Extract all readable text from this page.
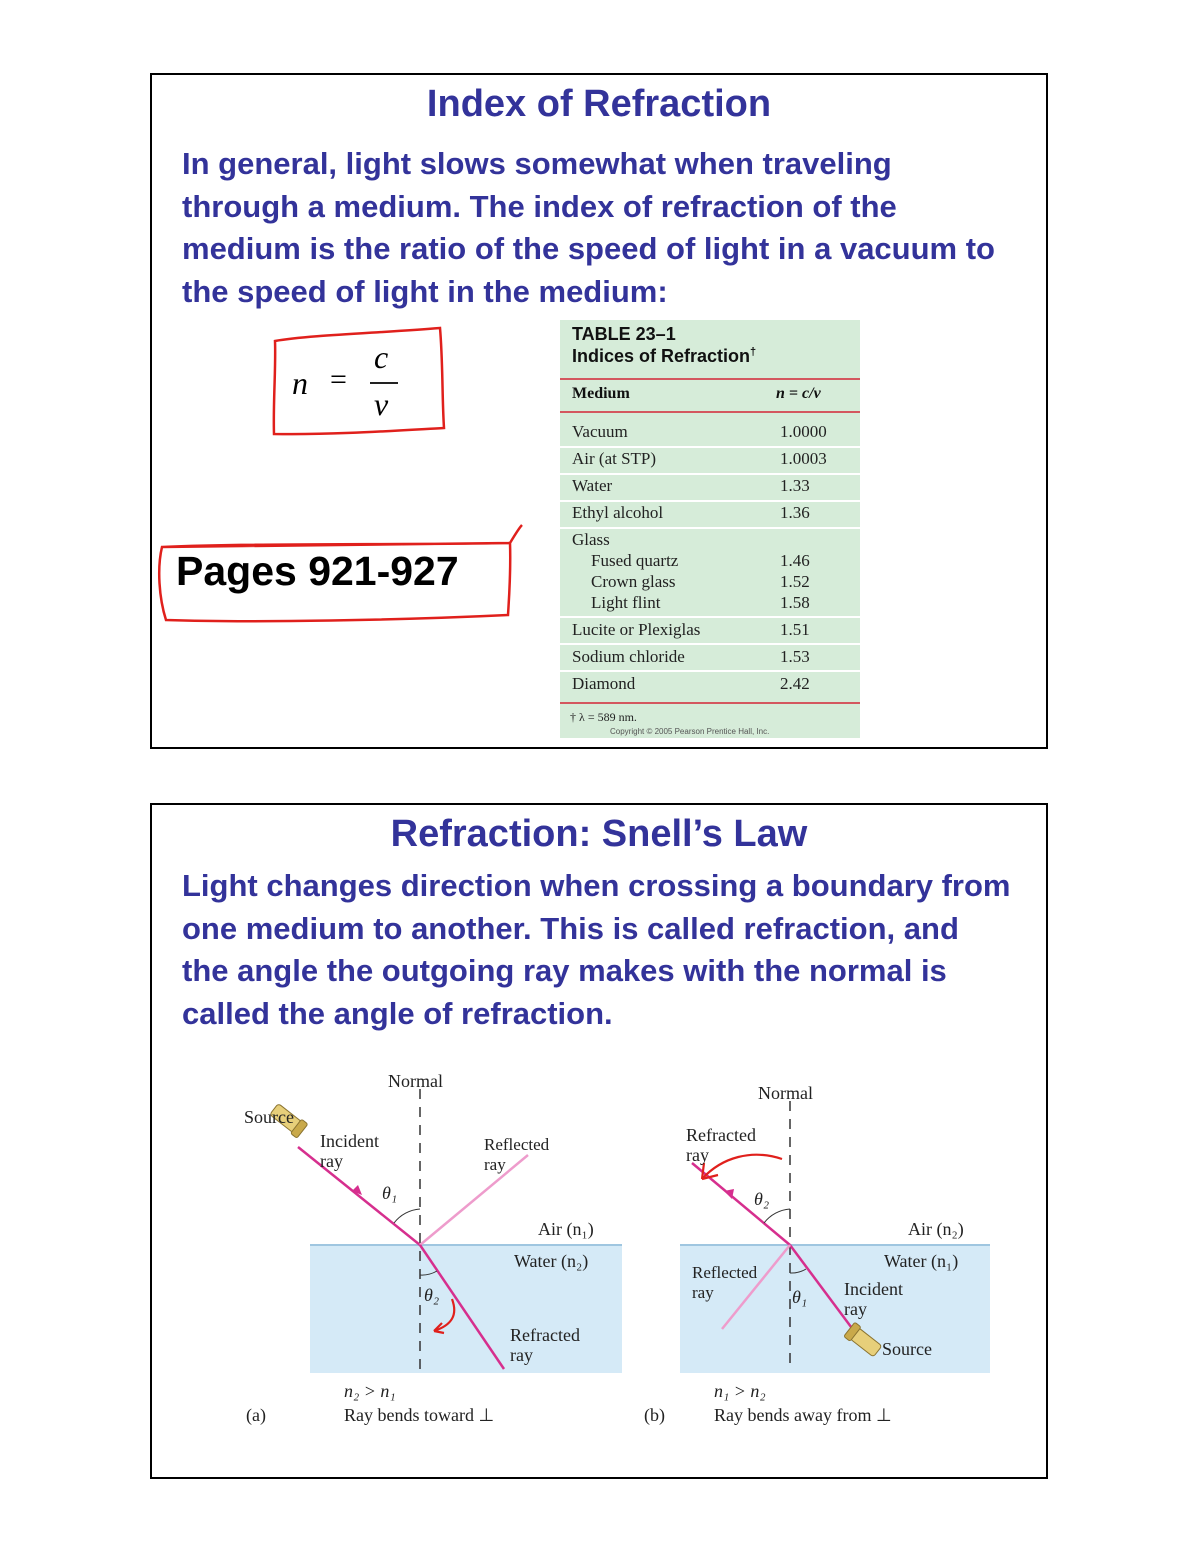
Index of Refraction
In general, light slows somewhat when traveling through a medium. The index of refraction of the medium is the ratio of the speed of light in a vacuum to the speed of light in the medium:
n =
c
v
Pages 921-927
TABLE 23–1
Indices of Refraction†
Medium	n = c/v
Vacuum	1.0000
Air (at STP)	1.0003
Water	1.33
Ethyl alcohol	1.36
Glass
Fused quartz	1.46
Crown glass	1.52
Light flint	1.58
Lucite or Plexiglas	1.51
Sodium chloride	1.53
Diamond	2.42
† λ = 589 nm.
Copyright © 2005 Pearson Prentice Hall, Inc.
Refraction: Snell’s Law
Light changes direction when crossing a boundary from one medium to another. This is called refraction, and the angle the outgoing ray makes with the normal is called the angle of refraction.
Normal
Source
Incident
ray
Reflected
ray
θ₁
θ₂
Air (n₁)
Water (n₂)
Refracted
ray
n₂ > n₁
Ray bends toward ⊥
(a)
Normal
Refracted
ray
θ₂
Reflected
ray	θ₁ Incident
ray
Air (n₂)
Water (n₁)
Source
n₁ > n₂
Ray bends away from ⊥
(b)
